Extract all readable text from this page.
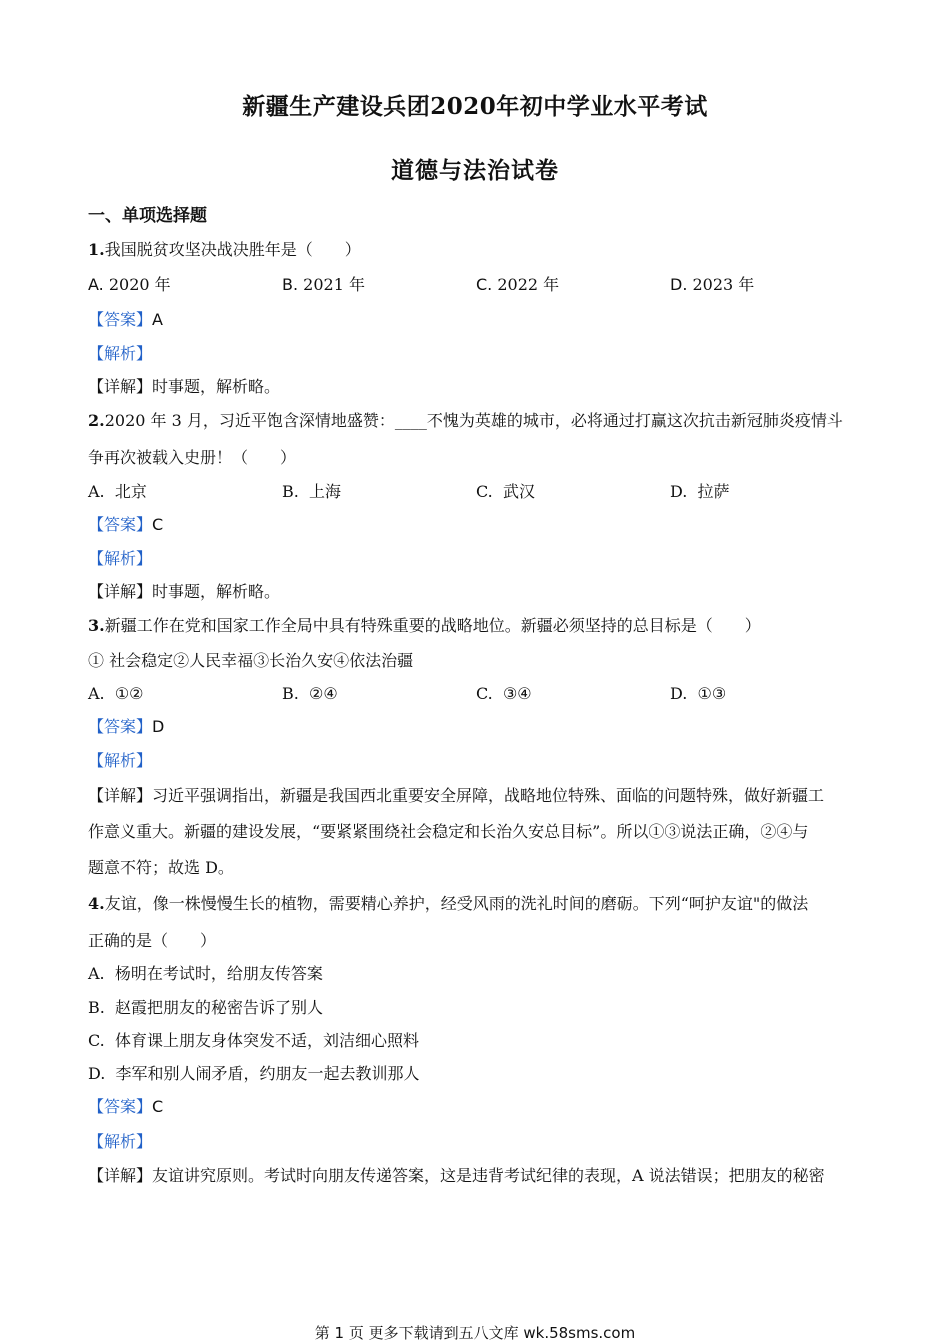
新疆生产建设兵团2020年初中学业水平考试
道德与法治试卷
一、单项选择题
1.我国脱贫攻坚决战决胜年是（　　）
A. 2020 年	B. 2021 年	C. 2022 年	D. 2023 年
【答案】A
【解析】
【详解】时事题，解析略。
2.2020 年 3 月，习近平饱含深情地盛赞：____不愧为英雄的城市，必将通过打赢这次抗击新冠肺炎疫情斗
争再次被载入史册！（　　）
A. 北京	B. 上海	C. 武汉	D. 拉萨
【答案】C
【解析】
【详解】时事题，解析略。
3.新疆工作在党和国家工作全局中具有特殊重要的战略地位。新疆必须坚持的总目标是（　　）
① 社会稳定②人民幸福③长治久安④依法治疆
A. ①②	B. ②④	C. ③④	D. ①③
【答案】D
【解析】
【详解】习近平强调指出，新疆是我国西北重要安全屏障，战略地位特殊、面临的问题特殊，做好新疆工
作意义重大。新疆的建设发展，“要紧紧围绕社会稳定和长治久安总目标”。所以①③说法正确，②④与
题意不符；故选 D。
4.友谊，像一株慢慢生长的植物，需要精心养护，经受风雨的洗礼时间的磨砺。下列“呵护友谊"的做法
正确的是（　　）
A. 杨明在考试时，给朋友传答案
B. 赵霞把朋友的秘密告诉了别人
C. 体育课上朋友身体突发不适，刘洁细心照料
D. 李军和别人闹矛盾，约朋友一起去教训那人
【答案】C
【解析】
【详解】友谊讲究原则。考试时向朋友传递答案，这是违背考试纪律的表现，A 说法错误；把朋友的秘密
第 1 页 更多下载请到五八文库 wk.58sms.com
